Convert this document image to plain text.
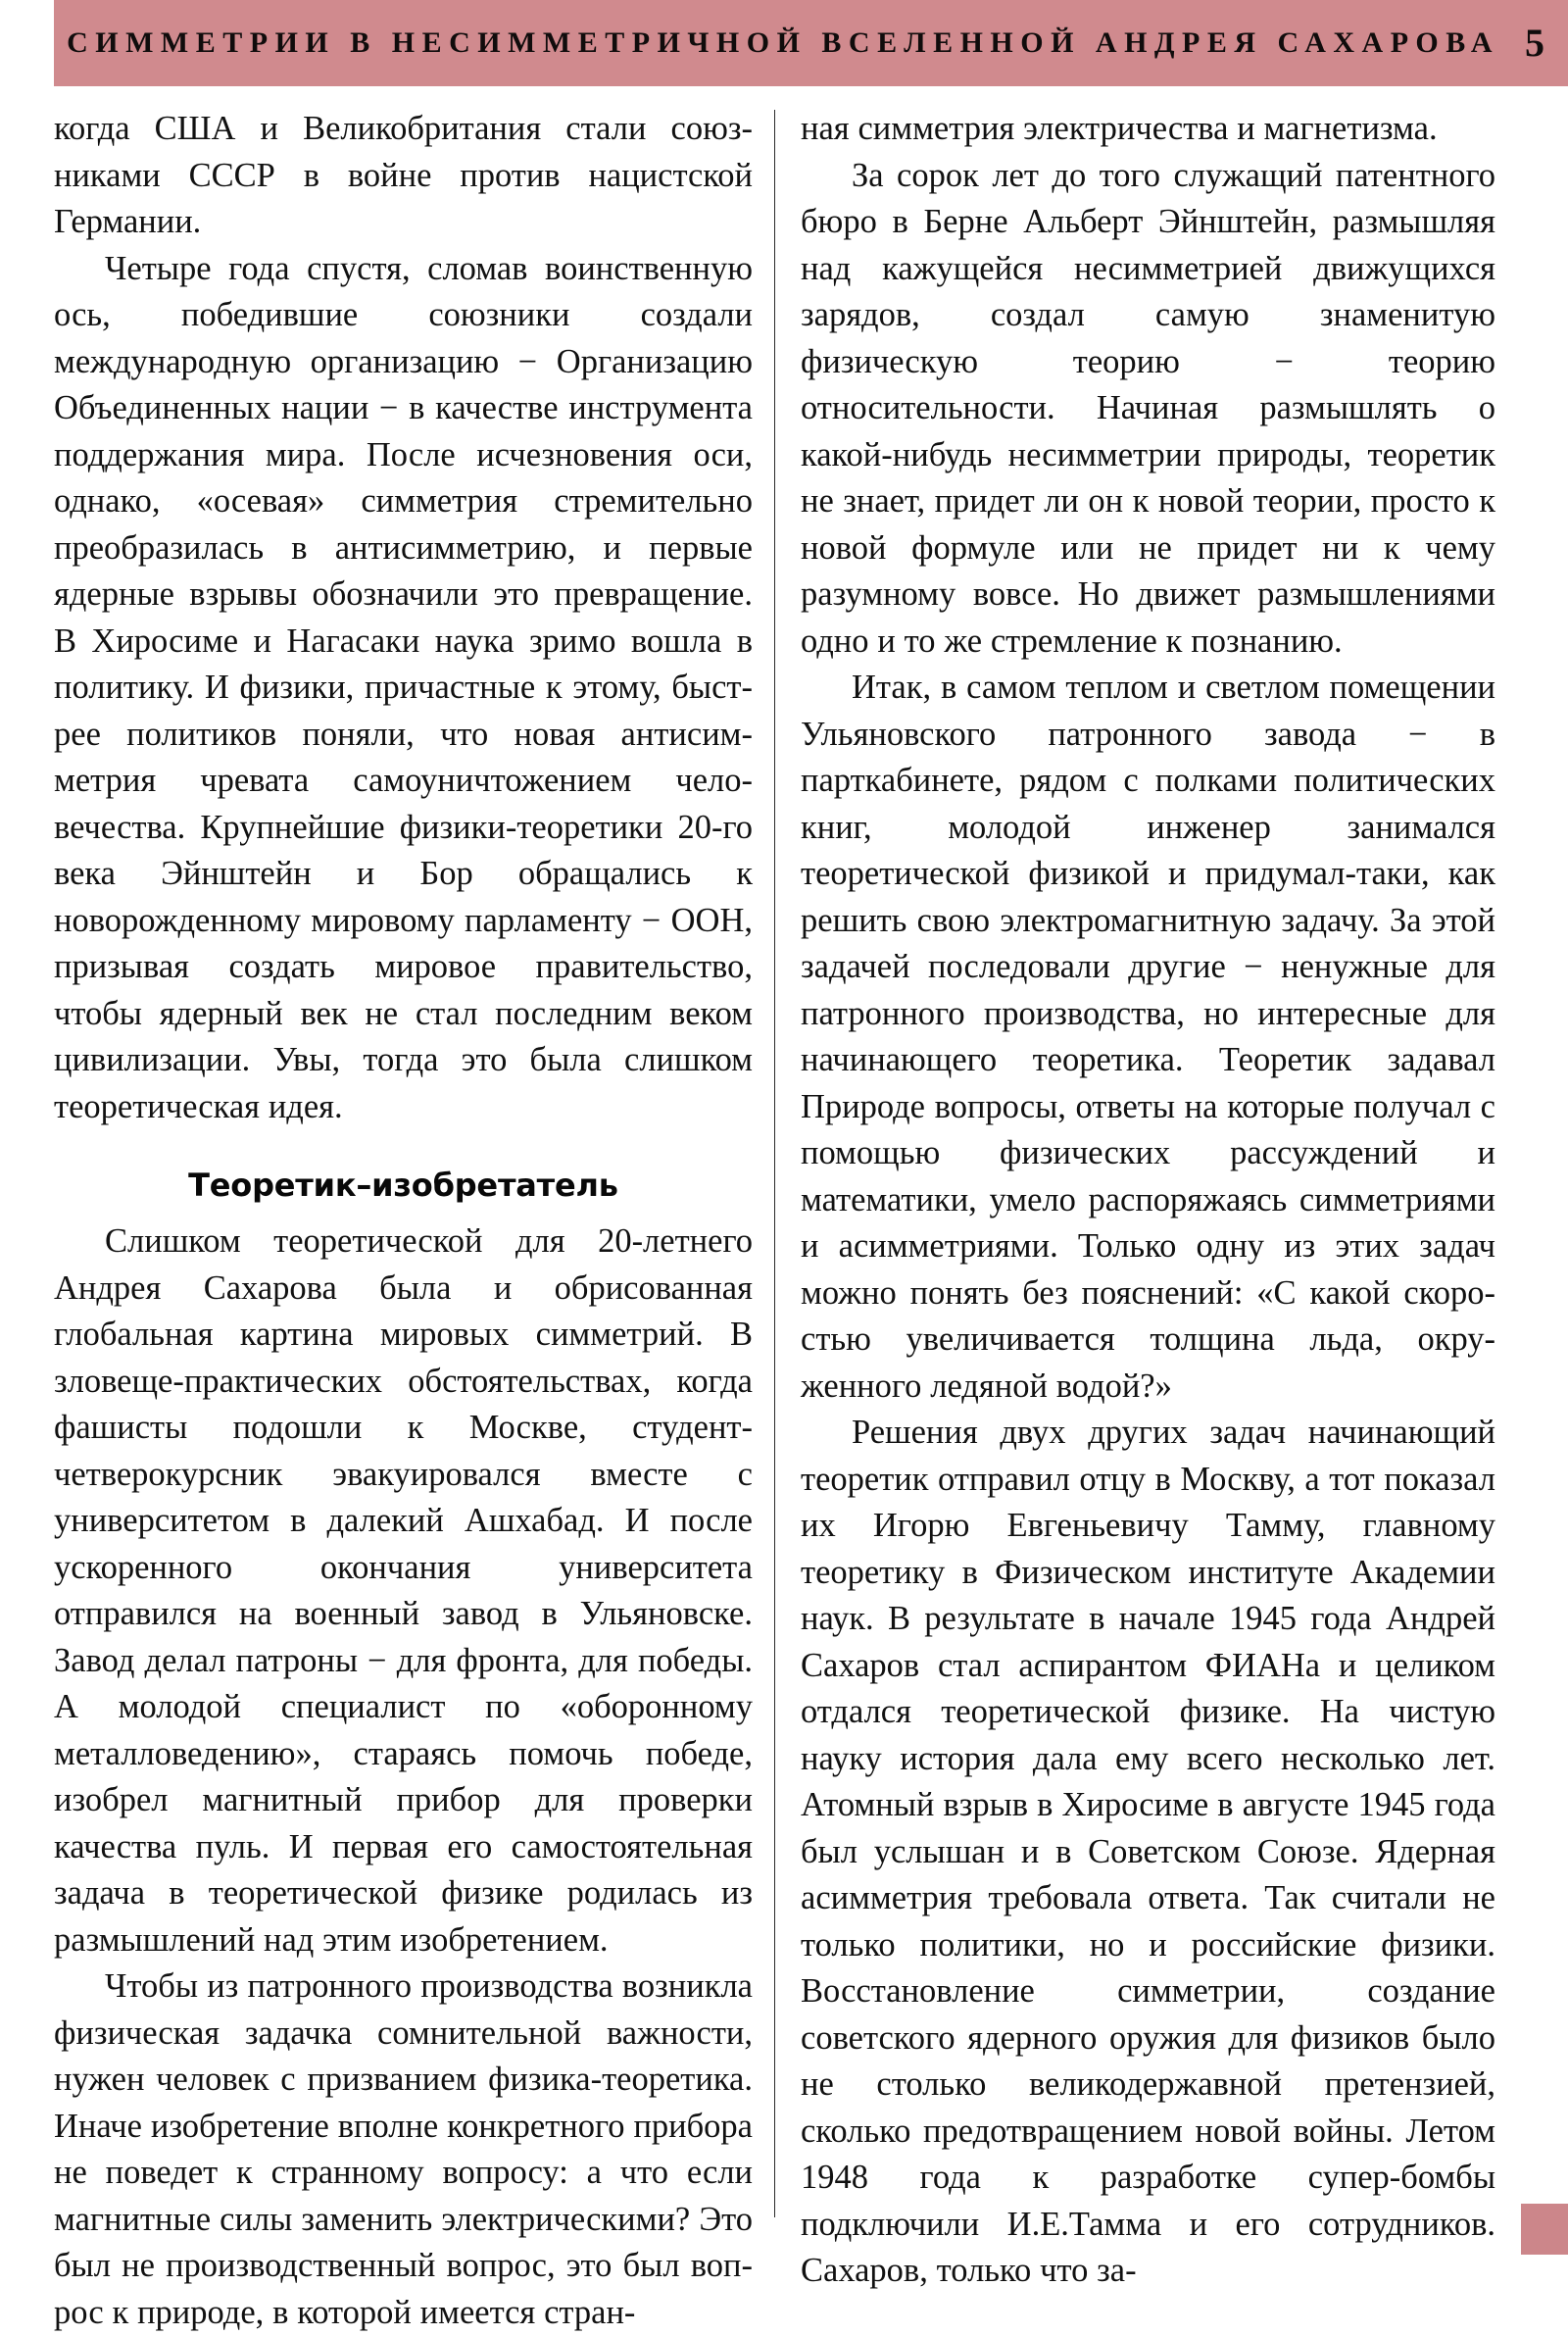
СИММЕТРИИ В НЕСИММЕТРИЧНОЙ ВСЕЛЕННОЙ АНДРЕЯ САХАРОВА 5

когда США и Великобритания стали союзниками СССР в войне против нацистской Германии.

Четыре года спустя, сломав воинственную ось, победившие союзники создали международную организацию − Организацию Объединенных нации − в качестве инструмента поддержания мира. После исчезновения оси, однако, «осевая» симметрия стремительно преобразилась в антисимметрию, и первые ядерные взрывы обозначили это превращение. В Хиросиме и Нагасаки наука зримо вошла в политику. И физики, причастные к этому, быстрее политиков поняли, что новая антисимметрия чревата самоуничтожением человечества. Крупнейшие физики-теоретики 20-го века Эйнштейн и Бор обращались к новорожденному мировому парламенту − ООН, призывая создать мировое правительство, чтобы ядерный век не стал последним веком цивилизации. Увы, тогда это была слишком теоретическая идея.

Теоретик–изобретатель

Слишком теоретической для 20-летнего Андрея Сахарова была и обрисованная глобальная картина мировых симметрий. В зловеще-практических обстоятельствах, когда фашисты подошли к Москве, студент-четверокурсник эвакуировался вместе с университетом в далекий Ашхабад. И после ускоренного окончания университета отправился на военный завод в Ульяновске. Завод делал патроны − для фронта, для победы. А молодой специалист по «оборонному металловедению», стараясь помочь победе, изобрел магнитный прибор для проверки качества пуль. И первая его самостоятельная задача в теоретической физике родилась из размышлений над этим изобретением.

Чтобы из патронного производства возникла физическая задачка сомнительной важности, нужен человек с призванием физика-теоретика. Иначе изобретение вполне конкретного прибора не поведет к странному вопросу: а что если магнитные силы заменить электрическими? Это был не производственный вопрос, это был вопрос к природе, в которой имеется стран-

ная симметрия электричества и магнетизма.

За сорок лет до того служащий патентного бюро в Берне Альберт Эйнштейн, размышляя над кажущейся несимметрией движущихся зарядов, создал самую знаменитую физическую теорию − теорию относительности. Начиная размышлять о какой-нибудь несимметрии природы, теоретик не знает, придет ли он к новой теории, просто к новой формуле или не придет ни к чему разумному вовсе. Но движет размышлениями одно и то же стремление к познанию.

Итак, в самом теплом и светлом помещении Ульяновского патронного завода − в парткабинете, рядом с полками политических книг, молодой инженер занимался теоретической физикой и придумал-таки, как решить свою электромагнитную задачу. За этой задачей последовали другие − ненужные для патронного производства, но интересные для начинающего теоретика. Теоретик задавал Природе вопросы, ответы на которые получал с помощью физических рассуждений и математики, умело распоряжаясь симметриями и асимметриями. Только одну из этих задач можно понять без пояснений: «С какой скоростью увеличивается толщина льда, окруженного ледяной водой?»

Решения двух других задач начинающий теоретик отправил отцу в Москву, а тот показал их Игорю Евгеньевичу Тамму, главному теоретику в Физическом институте Академии наук. В результате в начале 1945 года Андрей Сахаров стал аспирантом ФИАНа и целиком отдался теоретической физике. На чистую науку история дала ему всего несколько лет. Атомный взрыв в Хиросиме в августе 1945 года был услышан и в Советском Союзе. Ядерная асимметрия требовала ответа. Так считали не только политики, но и российские физики. Восстановление симметрии, создание советского ядерного оружия для физиков было не столько великодержавной претензией, сколько предотвращением новой войны. Летом 1948 года к разработке супер-бомбы подключили И.Е.Тамма и его сотрудников. Сахаров, только что за-
